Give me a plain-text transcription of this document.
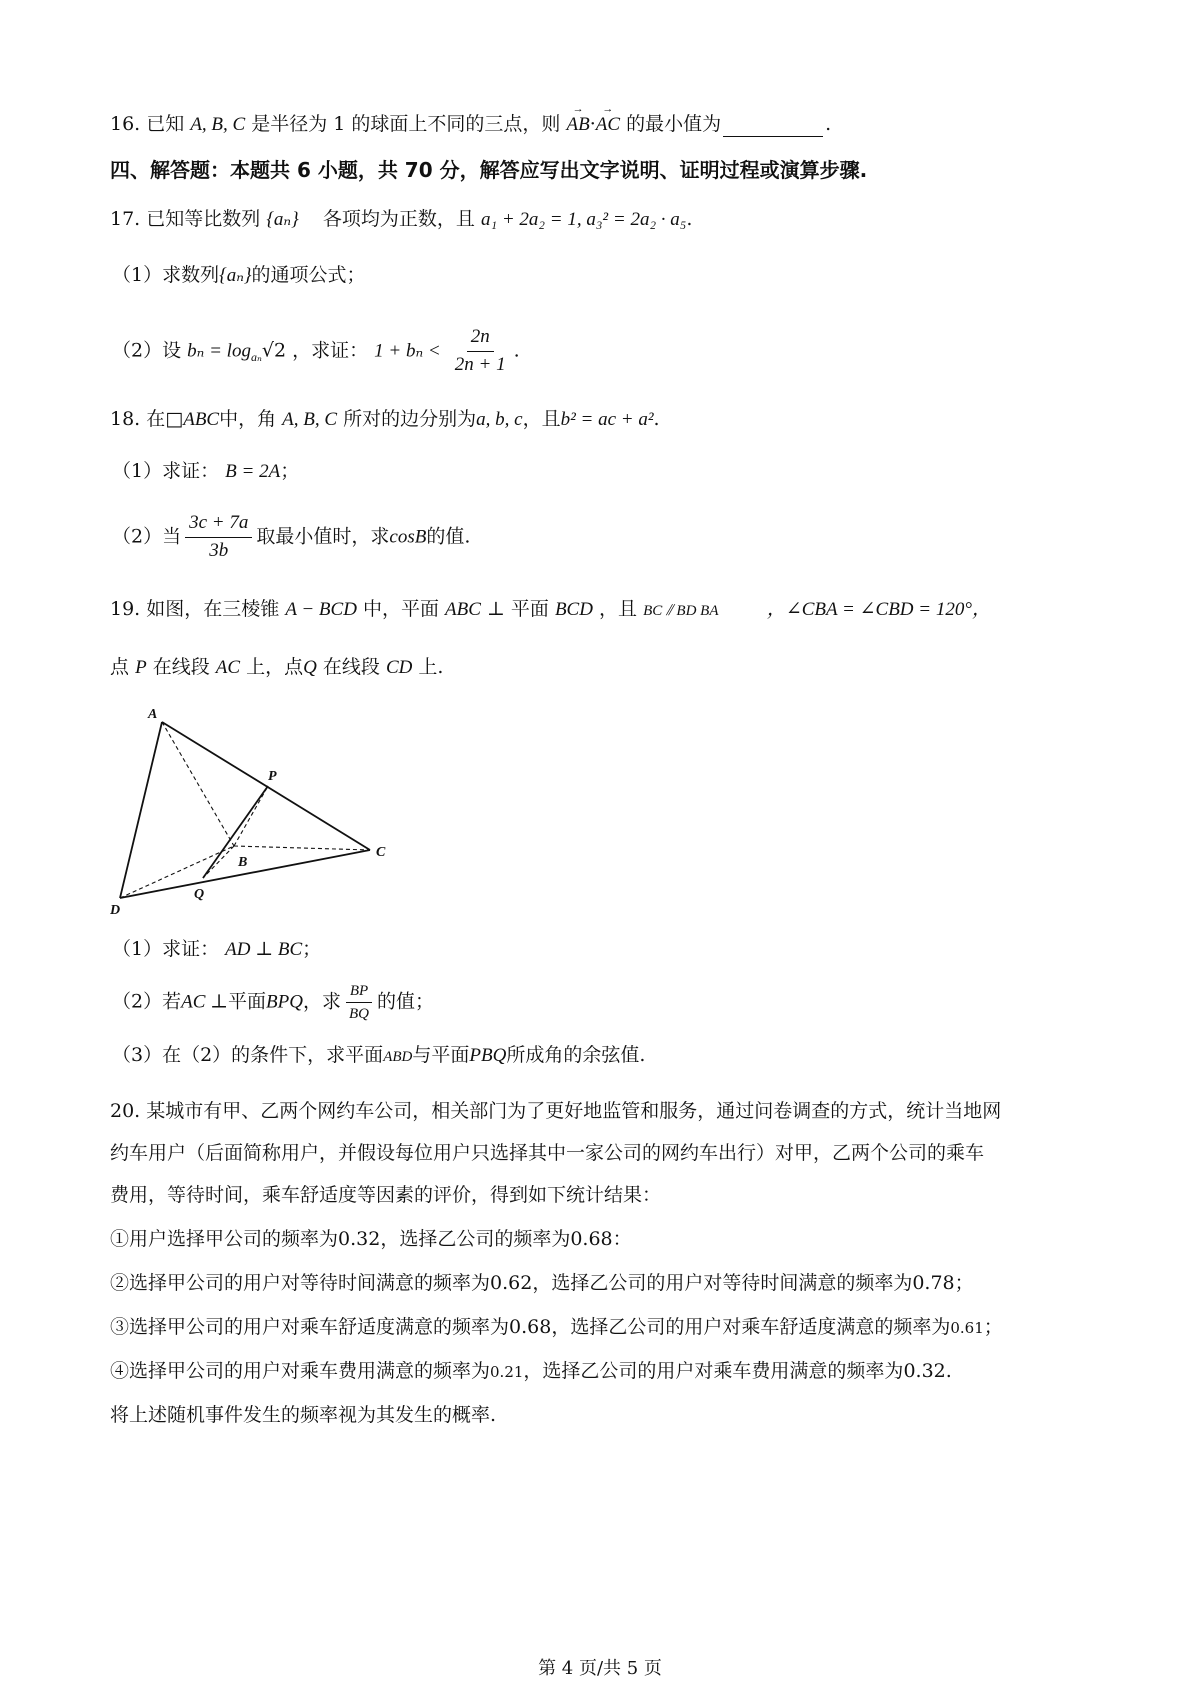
16. 已知 A, B, C 是半径为 1 的球面上不同的三点，则
→
AB ·
→
AC 的最小值为	.
四、解答题：本题共 6 小题，共 70 分，解答应写出文字说明、证明过程或演算步骤.
17. 已知等比数列 {aₙ} 各项均为正数，且 a₁ + 2a₂ = 1, a₃² = 2a₂ · a₅.
（1）求数列{aₙ}的通项公式；
（2）设 $b_n = \log_{a_n}√2$ ，求证： $1 + b_n < \frac{2n}{2n + 1}$ .
18. 在□ABC中，角 A, B, C 所对的边分别为a, b, c，且b² = ac + a².
（1）求证： B = 2A；
（2）当 $\frac{3c + 7a}{3b}$ 取最小值时，求cosB的值.
19. 如图，在三棱锥 A − BCD 中，平面 ABC ⊥ 平面 BCD ，且 BC ⫽ BD BA	，∠CBA = ∠CBD = 120°，
点 P 在线段 AC 上，点Q 在线段 CD 上.
A
B
C
D
P
Q
（1）求证： AD ⊥ BC；
（2）若AC ⊥平面BPQ，求 $\frac{BP}{BQ}$ 的值；
（3）在（2）的条件下，求平面ABD与平面PBQ所成角的余弦值.
20. 某城市有甲、乙两个网约车公司，相关部门为了更好地监管和服务，通过问卷调查的方式，统计当地网
约车用户（后面简称用户，并假设每位用户只选择其中一家公司的网约车出行）对甲，乙两个公司的乘车
费用，等待时间，乘车舒适度等因素的评价，得到如下统计结果：
①用户选择甲公司的频率为0.32，选择乙公司的频率为0.68：
②选择甲公司的用户对等待时间满意的频率为0.62，选择乙公司的用户对等待时间满意的频率为0.78；
③选择甲公司的用户对乘车舒适度满意的频率为0.68，选择乙公司的用户对乘车舒适度满意的频率为0.61；
④选择甲公司的用户对乘车费用满意的频率为0.21，选择乙公司的用户对乘车费用满意的频率为0.32.
将上述随机事件发生的频率视为其发生的概率.
第 4 页/共 5 页
